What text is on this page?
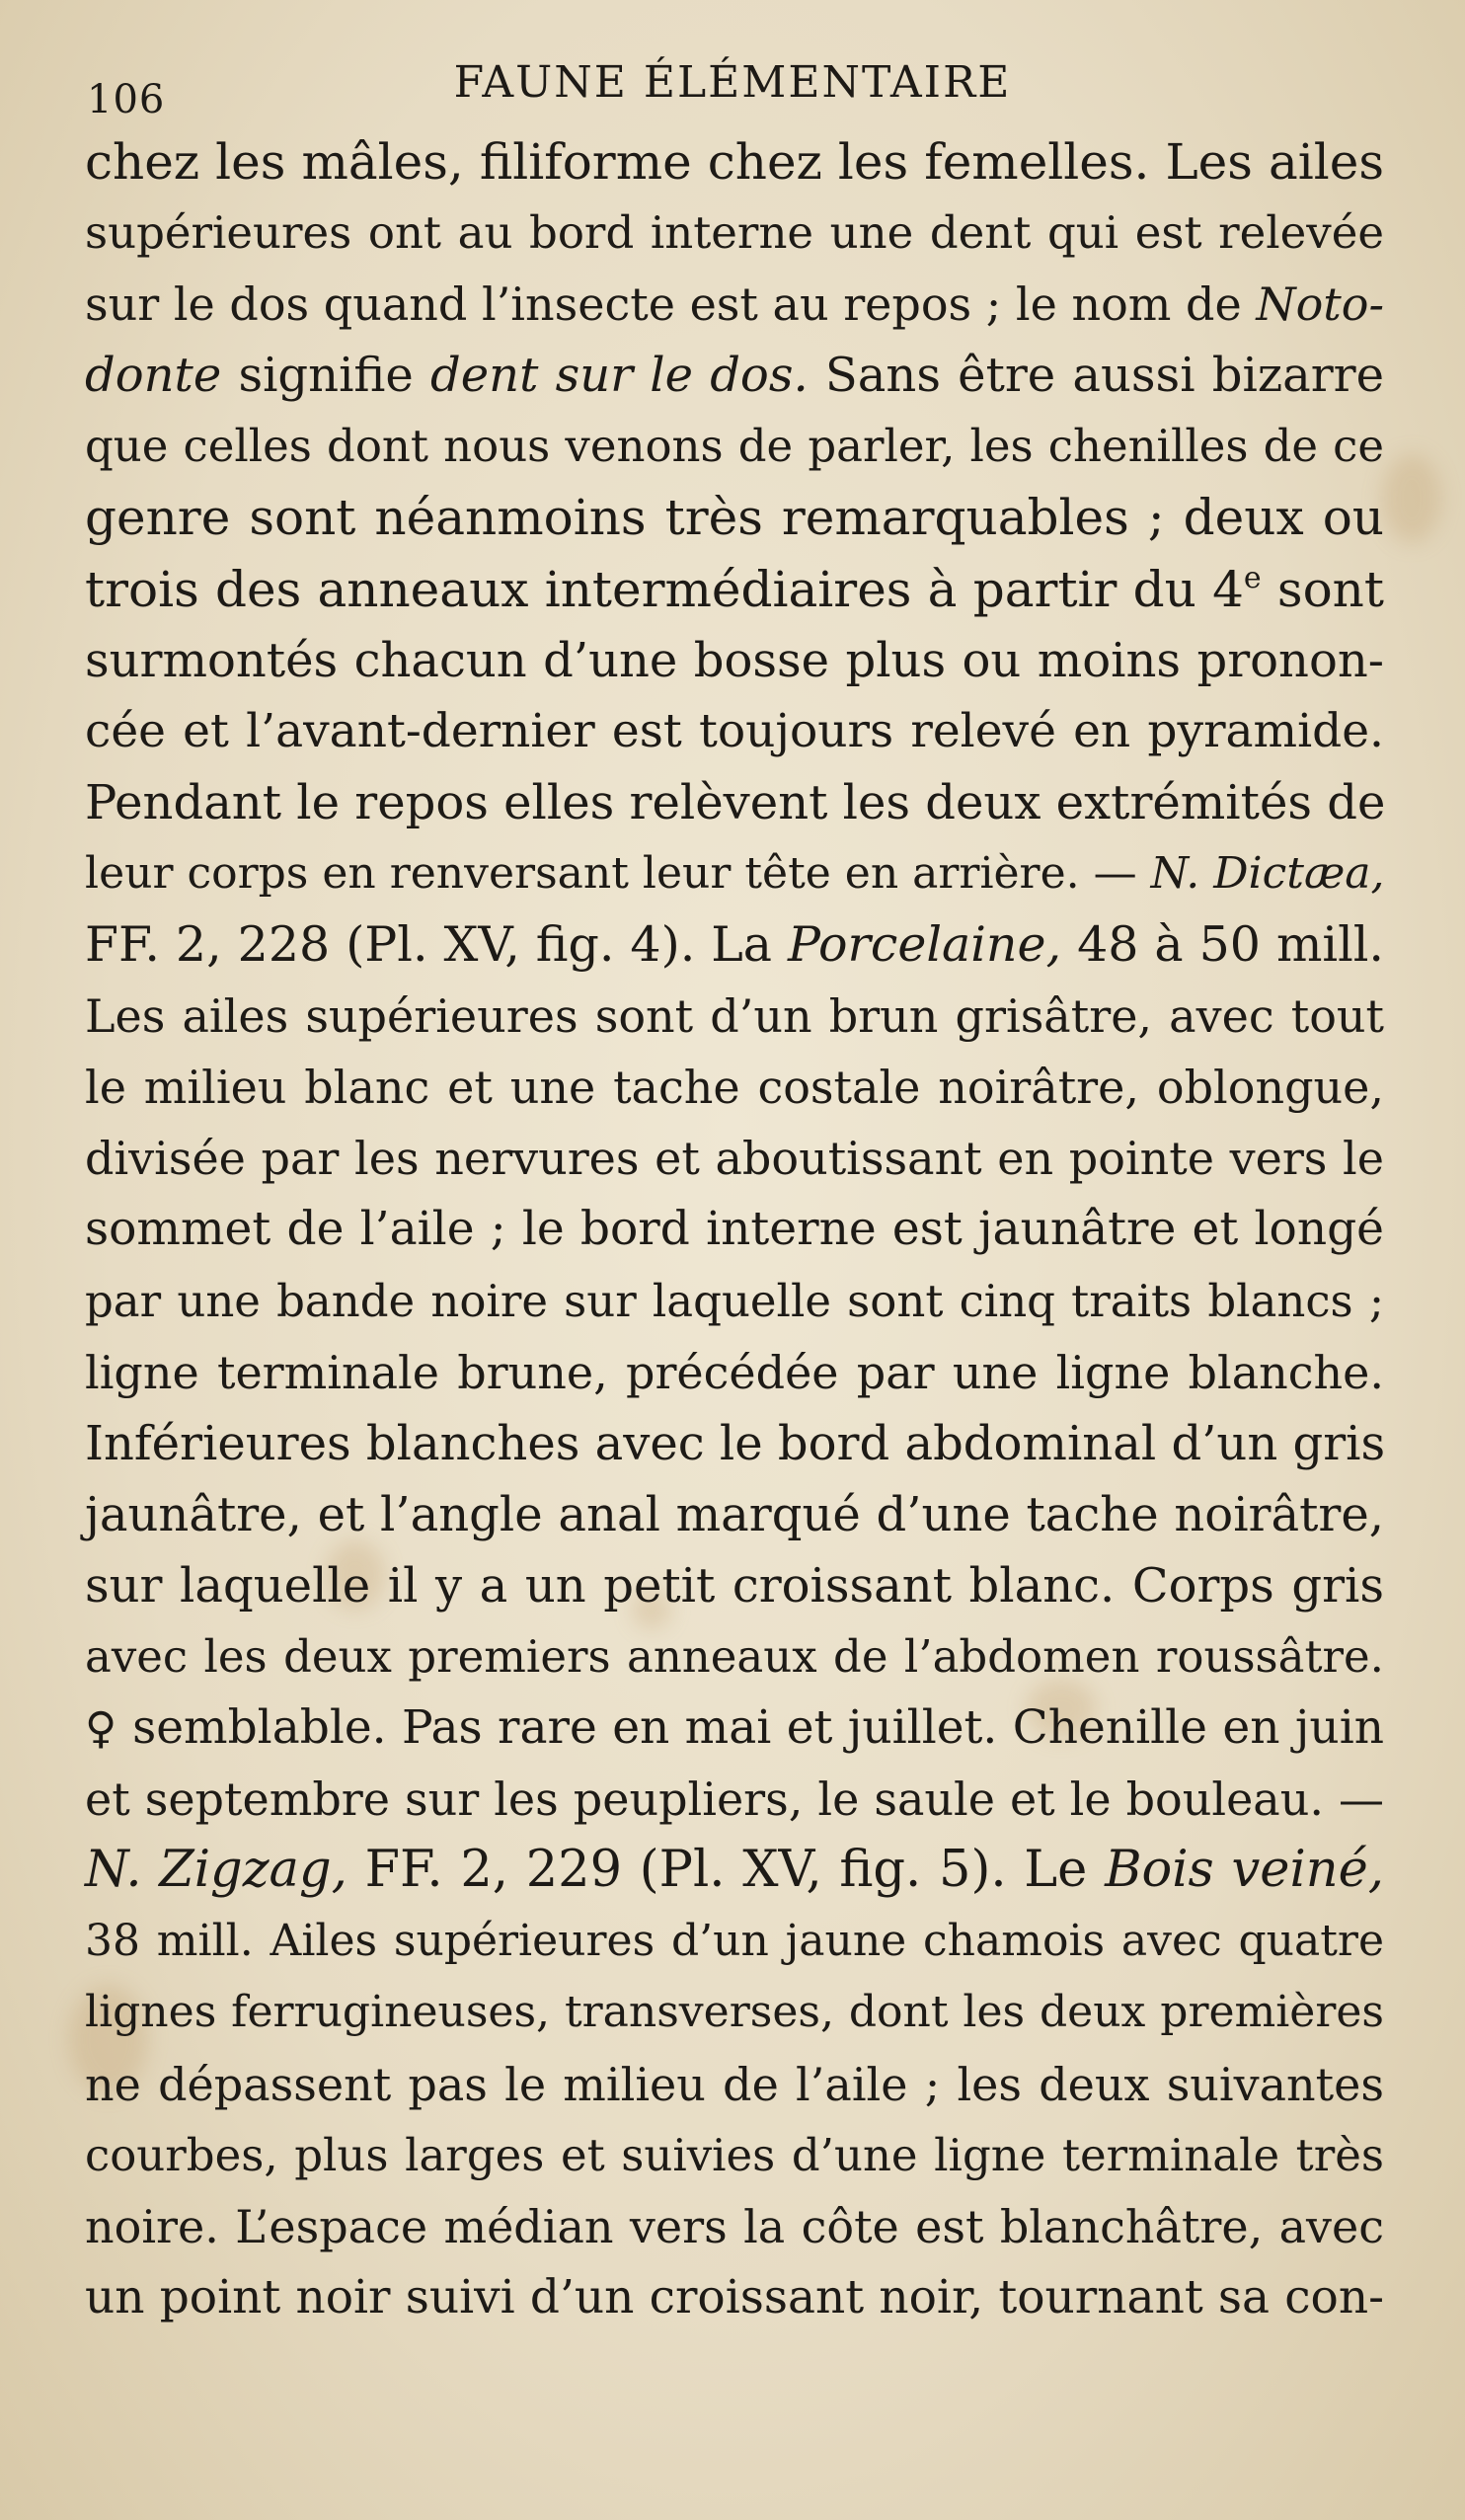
106	FAUNE ÉLÉMENTAIRE
chez les mâles, filiforme chez les femelles. Les ailes
supérieures ont au bord interne une dent qui est relevée
sur le dos quand l’insecte est au repos ; le nom de Noto-
donte signifie dent sur le dos. Sans être aussi bizarre
que celles dont nous venons de parler, les chenilles de ce
genre sont néanmoins très remarquables ; deux ou
trois des anneaux intermédiaires à partir du 4e sont
surmontés chacun d’une bosse plus ou moins pronon-
cée et l’avant-dernier est toujours relevé en pyramide.
Pendant le repos elles relèvent les deux extrémités de
leur corps en renversant leur tête en arrière. — N. Dictæa,
FF. 2, 228 (Pl. XV, fig. 4). La Porcelaine, 48 à 50 mill.
Les ailes supérieures sont d’un brun grisâtre, avec tout
le milieu blanc et une tache costale noirâtre, oblongue,
divisée par les nervures et aboutissant en pointe vers le
sommet de l’aile ; le bord interne est jaunâtre et longé
par une bande noire sur laquelle sont cinq traits blancs ;
ligne terminale brune, précédée par une ligne blanche.
Inférieures blanches avec le bord abdominal d’un gris
jaunâtre, et l’angle anal marqué d’une tache noirâtre,
sur laquelle il y a un petit croissant blanc. Corps gris
avec les deux premiers anneaux de l’abdomen roussâtre.
♀ semblable. Pas rare en mai et juillet. Chenille en juin
et septembre sur les peupliers, le saule et le bouleau. —
N. Zigzag, FF. 2, 229 (Pl. XV, fig. 5). Le Bois veiné,
38 mill. Ailes supérieures d’un jaune chamois avec quatre
lignes ferrugineuses, transverses, dont les deux premières
ne dépassent pas le milieu de l’aile ; les deux suivantes
courbes, plus larges et suivies d’une ligne terminale très
noire. L’espace médian vers la côte est blanchâtre, avec
un point noir suivi d’un croissant noir, tournant sa con-
